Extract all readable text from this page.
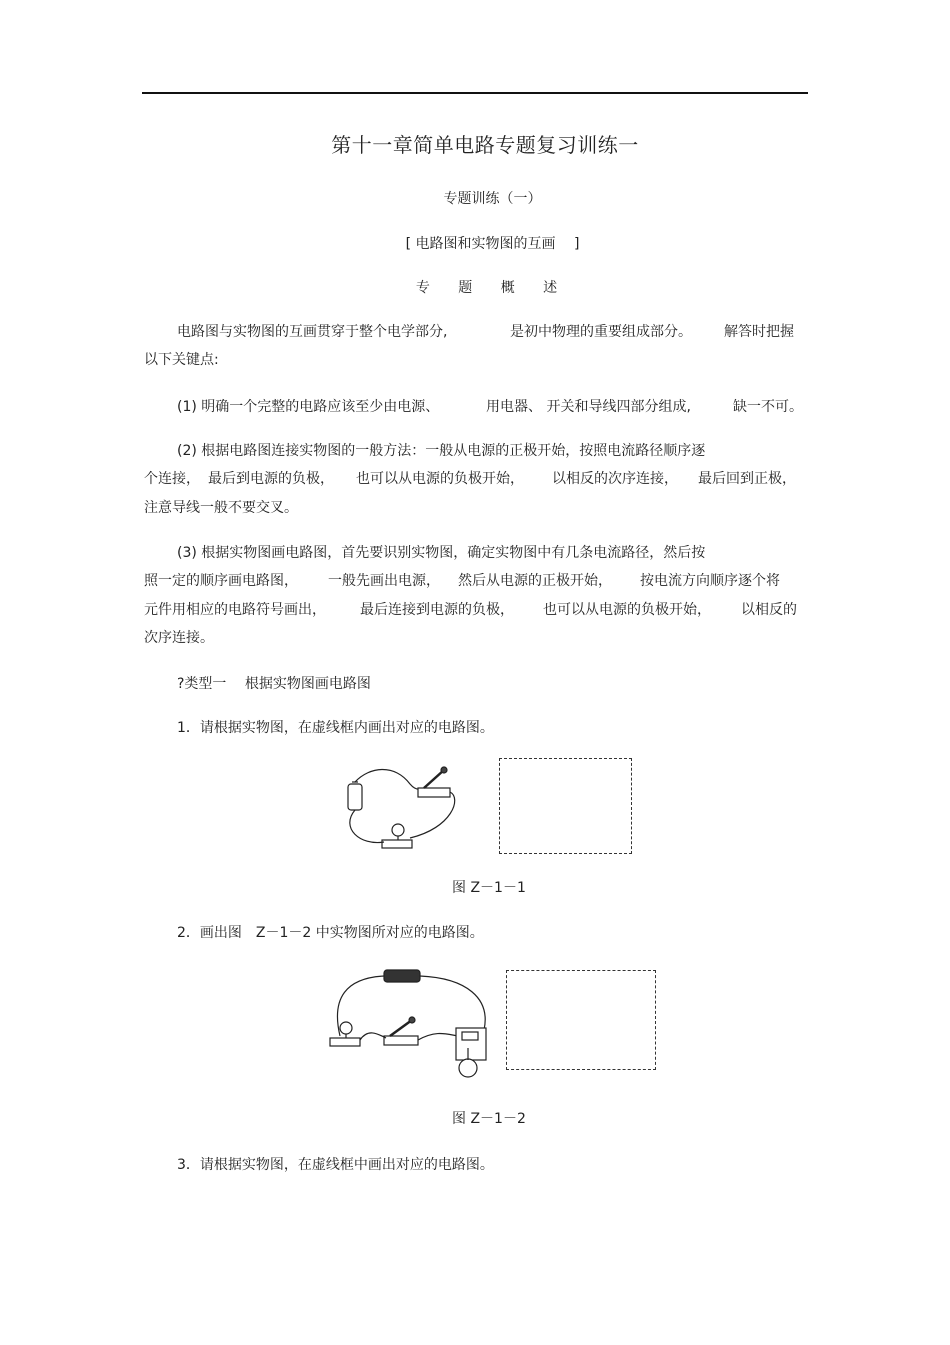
第十一章简单电路专题复习训练一
专题训练（一）
[ 电路图和实物图的互画　 ]
专 题 概 述
电路图与实物图的互画贯穿于整个电学部分,	是初中物理的重要组成部分。 解答时把握
以下关键点:
(1) 明确一个完整的电路应该至少由电源、	用电器、 开关和导线四部分组成,	缺一不可。
(2) 根据电路图连接实物图的一般方法：一般从电源的正极开始，按照电流路径顺序逐
个连接， 最后到电源的负极， 也可以从电源的负极开始， 以相反的次序连接， 最后回到正极，
注意导线一般不要交叉。
(3) 根据实物图画电路图，首先要识别实物图，确定实物图中有几条电流路径，然后按
照一定的顺序画电路图， 一般先画出电源， 然后从电源的正极开始， 按电流方向顺序逐个将
元件用相应的电路符号画出， 最后连接到电源的负极， 也可以从电源的负极开始， 以相反的
次序连接。
?类型一　 根据实物图画电路图
1．请根据实物图，在虚线框内画出对应的电路图。
图 Z－1－1
2．画出图　Z－1－2 中实物图所对应的电路图。
图 Z－1－2
3．请根据实物图，在虚线框中画出对应的电路图。
